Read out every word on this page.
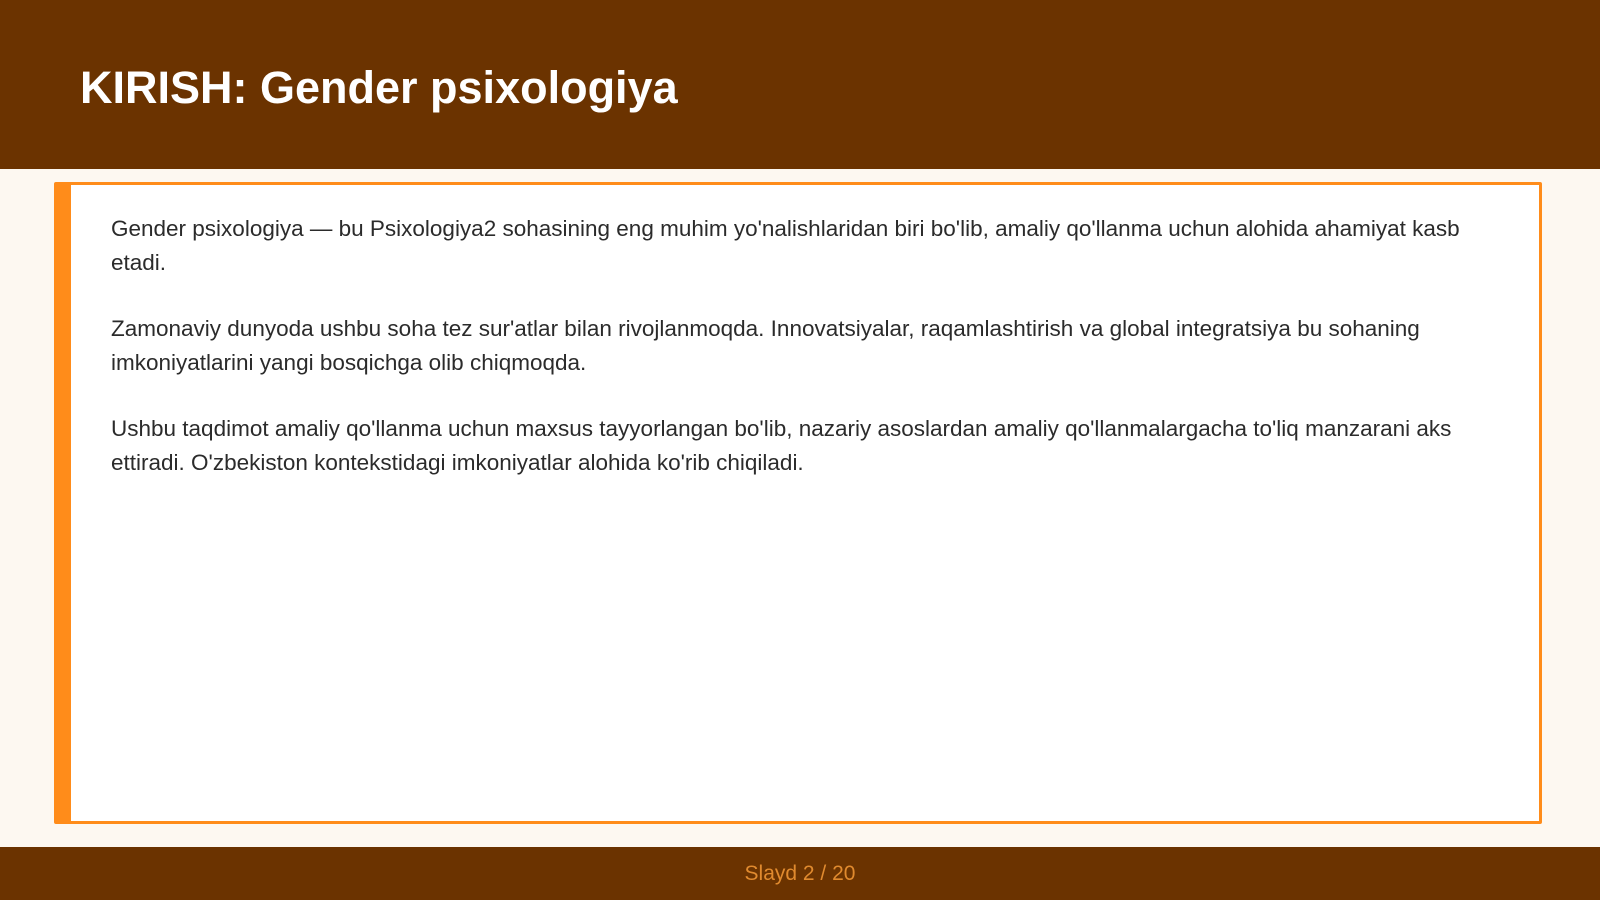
KIRISH: Gender psixologiya

Gender psixologiya — bu Psixologiya2 sohasining eng muhim yo'nalishlaridan biri bo'lib, amaliy qo'llanma uchun alohida ahamiyat kasb etadi.

Zamonaviy dunyoda ushbu soha tez sur'atlar bilan rivojlanmoqda. Innovatsiyalar, raqamlashtirish va global integratsiya bu sohaning imkoniyatlarini yangi bosqichga olib chiqmoqda.

Ushbu taqdimot amaliy qo'llanma uchun maxsus tayyorlangan bo'lib, nazariy asoslardan amaliy qo'llanmalargacha to'liq manzarani aks ettiradi. O'zbekiston kontekstidagi imkoniyatlar alohida ko'rib chiqiladi.

Slayd 2 / 20
